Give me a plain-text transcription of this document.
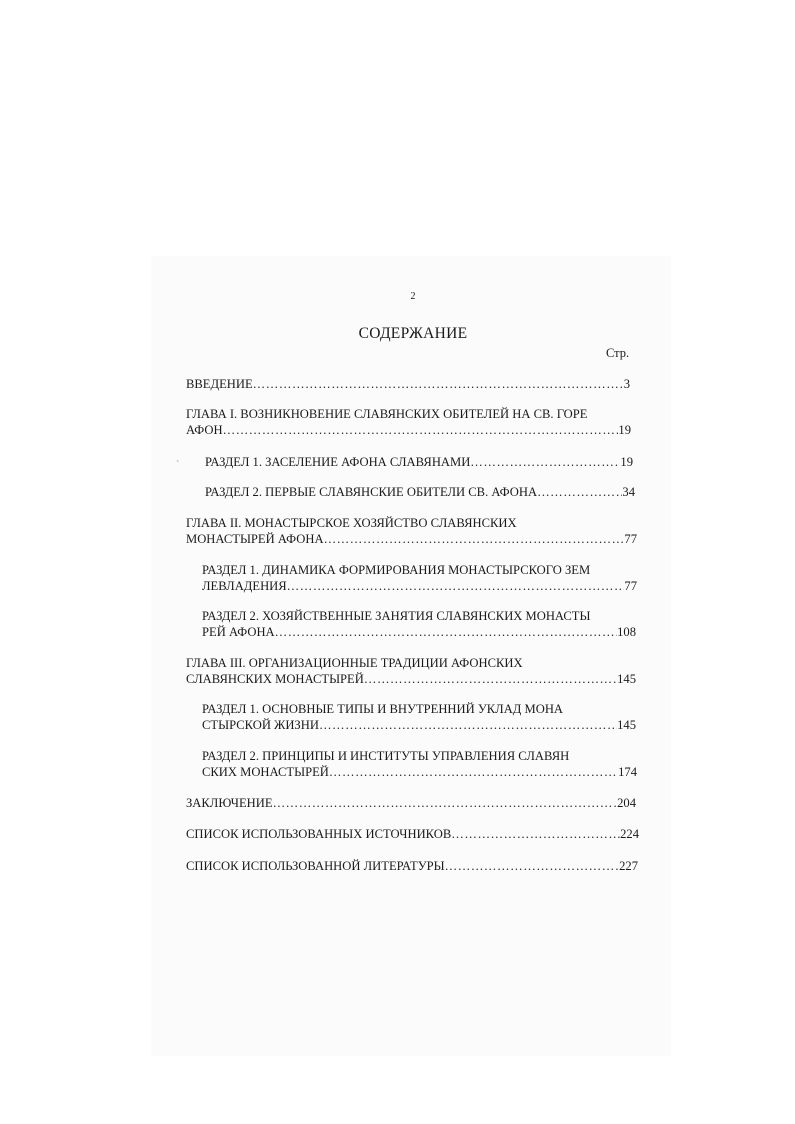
2
СОДЕРЖАНИЕ
Стр.
`
ВВЕДЕНИЕ ……………………………………………………………………………………………………………………………………………	3
ГЛАВА I. ВОЗНИКНОВЕНИЕ СЛАВЯНСКИХ ОБИТЕЛЕЙ НА СВ. ГОРЕ
АФОН ……………………………………………………………………………………………………………………………………………	19
РАЗДЕЛ 1. ЗАСЕЛЕНИЕ АФОНА СЛАВЯНАМИ ……………………………………………………………………………………………………………………………………………	19
РАЗДЕЛ 2. ПЕРВЫЕ СЛАВЯНСКИЕ ОБИТЕЛИ СВ. АФОНА ……………………………………………………………………………………………………………………………………………	34
ГЛАВА II. МОНАСТЫРСКОЕ ХОЗЯЙСТВО СЛАВЯНСКИХ
МОНАСТЫРЕЙ АФОНА ……………………………………………………………………………………………………………………………………………	77
РАЗДЕЛ 1. ДИНАМИКА ФОРМИРОВАНИЯ МОНАСТЫРСКОГО ЗЕМ
ЛЕВЛАДЕНИЯ ……………………………………………………………………………………………………………………………………………	77
РАЗДЕЛ 2. ХОЗЯЙСТВЕННЫЕ ЗАНЯТИЯ СЛАВЯНСКИХ МОНАСТЫ
РЕЙ АФОНА ……………………………………………………………………………………………………………………………………………	108
ГЛАВА III. ОРГАНИЗАЦИОННЫЕ ТРАДИЦИИ АФОНСКИХ
СЛАВЯНСКИХ МОНАСТЫРЕЙ ……………………………………………………………………………………………………………………………………………	145
РАЗДЕЛ 1. ОСНОВНЫЕ ТИПЫ И ВНУТРЕННИЙ УКЛАД МОНА
СТЫРСКОЙ ЖИЗНИ ……………………………………………………………………………………………………………………………………………	145
РАЗДЕЛ 2. ПРИНЦИПЫ И ИНСТИТУТЫ УПРАВЛЕНИЯ СЛАВЯН
СКИХ МОНАСТЫРЕЙ ……………………………………………………………………………………………………………………………………………	174
ЗАКЛЮЧЕНИЕ ……………………………………………………………………………………………………………………………………………	204
СПИСОК ИСПОЛЬЗОВАННЫХ ИСТОЧНИКОВ ……………………………………………………………………………………………………………………………………………	224
СПИСОК ИСПОЛЬЗОВАННОЙ ЛИТЕРАТУРЫ ……………………………………………………………………………………………………………………………………………	227
